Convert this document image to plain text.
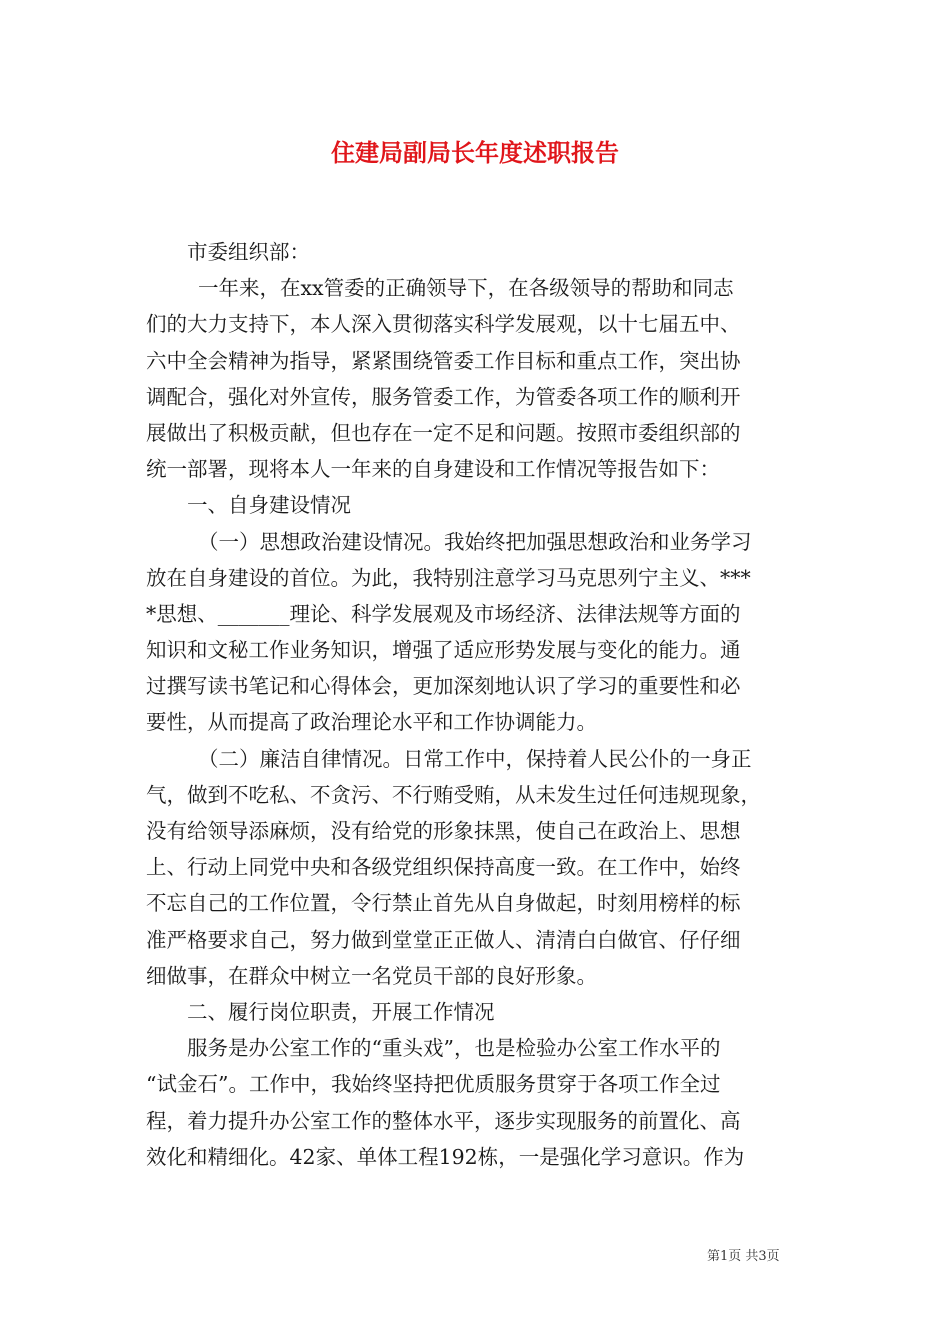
住建局副局长年度述职报告
市委组织部：
一年来，在xx管委的正确领导下，在各级领导的帮助和同志
们的大力支持下，本人深入贯彻落实科学发展观，以十七届五中、
六中全会精神为指导，紧紧围绕管委工作目标和重点工作，突出协
调配合，强化对外宣传，服务管委工作，为管委各项工作的顺利开
展做出了积极贡献，但也存在一定不足和问题。按照市委组织部的
统一部署，现将本人一年来的自身建设和工作情况等报告如下：
一、自身建设情况
（一）思想政治建设情况。我始终把加强思想政治和业务学习
放在自身建设的首位。为此，我特别注意学习马克思列宁主义、***
*思想、_______理论、科学发展观及市场经济、法律法规等方面的
知识和文秘工作业务知识，增强了适应形势发展与变化的能力。通
过撰写读书笔记和心得体会，更加深刻地认识了学习的重要性和必
要性，从而提高了政治理论水平和工作协调能力。
（二）廉洁自律情况。日常工作中，保持着人民公仆的一身正
气，做到不吃私、不贪污、不行贿受贿，从未发生过任何违规现象，
没有给领导添麻烦，没有给党的形象抹黑，使自己在政治上、思想
上、行动上同党中央和各级党组织保持高度一致。在工作中，始终
不忘自己的工作位置，令行禁止首先从自身做起，时刻用榜样的标
准严格要求自己，努力做到堂堂正正做人、清清白白做官、仔仔细
细做事，在群众中树立一名党员干部的良好形象。
二、履行岗位职责，开展工作情况
服务是办公室工作的“重头戏”，也是检验办公室工作水平的
“试金石”。工作中，我始终坚持把优质服务贯穿于各项工作全过
程，着力提升办公室工作的整体水平，逐步实现服务的前置化、高
效化和精细化。42家、单体工程192栋，一是强化学习意识。作为
第1页 共3页
